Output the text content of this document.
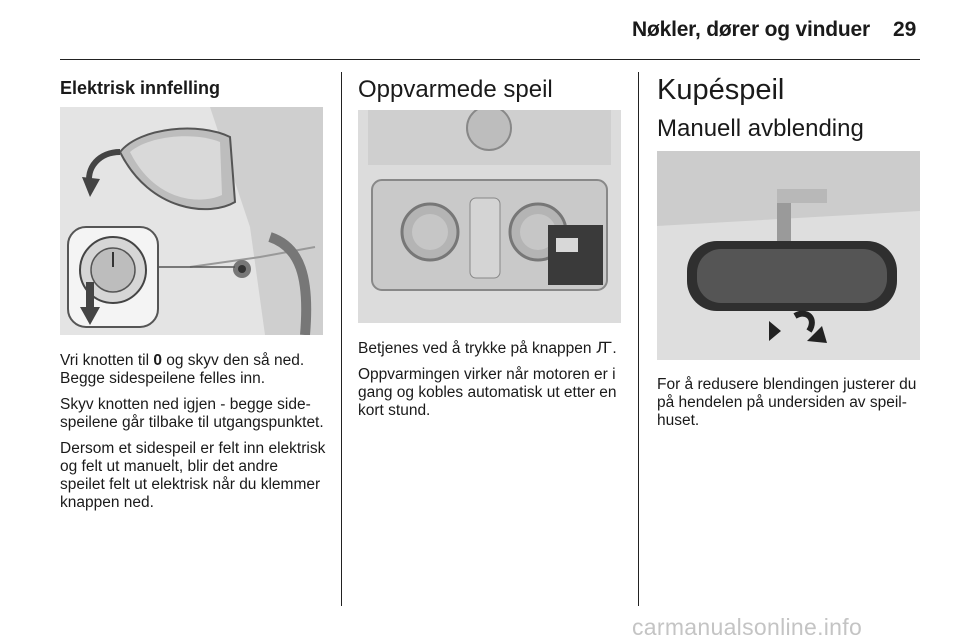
Nøkler, dører og vinduer 29
Elektrisk innfelling

Vri knotten til 0 og skyv den så ned. Begge sidespeilene felles inn.

Skyv knotten ned igjen - begge sidespeilene går tilbake til utgangspunktet.

Dersom et sidespeil er felt inn elektrisk og felt ut manuelt, blir det andre speilet felt ut elektrisk når du klemmer knappen ned.

Oppvarmede speil

Betjenes ved å trykke på knappen Ꙥ.

Oppvarmingen virker når motoren er i gang og kobles automatisk ut etter en kort stund.

Kupéspeil
Manuell avblending

For å redusere blendingen justerer du på hendelen på undersiden av speilhuset.

carmanualsonline.info
